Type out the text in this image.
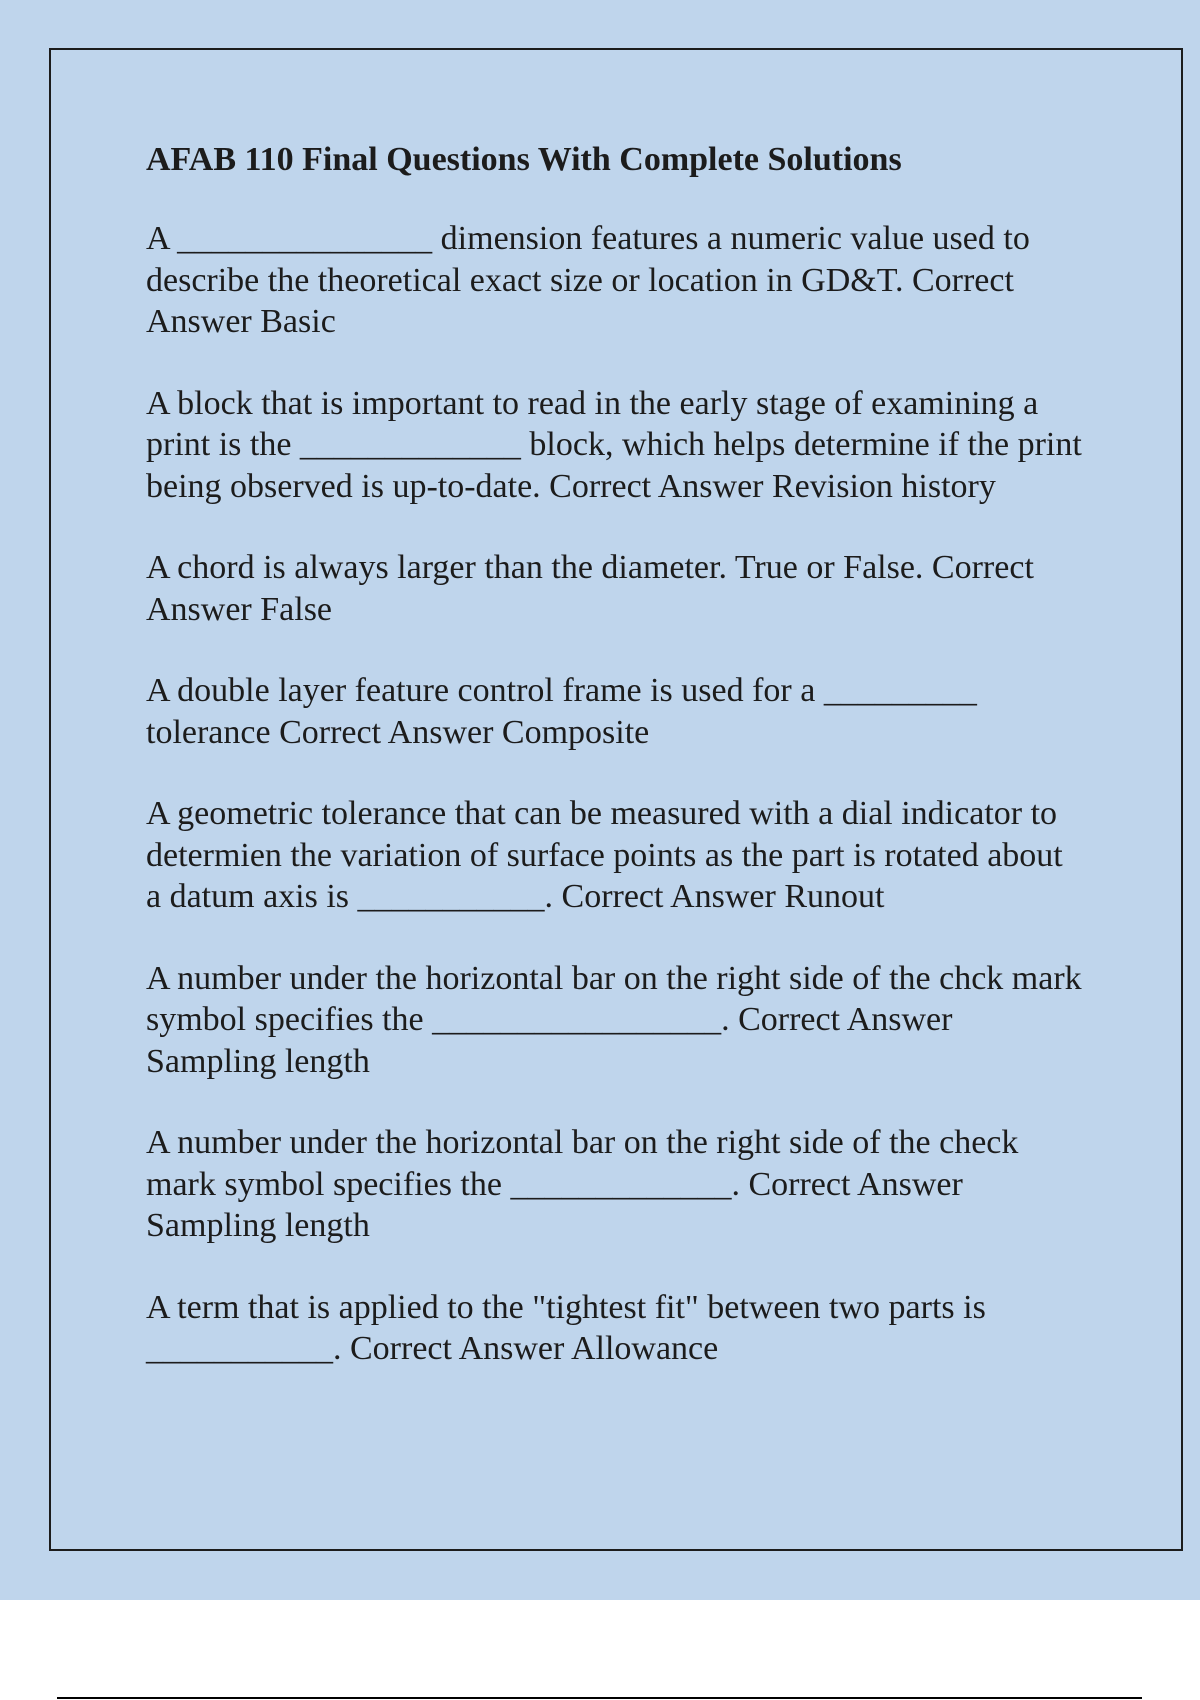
AFAB 110 Final Questions With Complete Solutions

A _______________ dimension features a numeric value used to describe the theoretical exact size or location in GD&T. Correct Answer Basic

A block that is important to read in the early stage of examining a print is the _____________ block, which helps determine if the print being observed is up-to-date. Correct Answer Revision history

A chord is always larger than the diameter. True or False. Correct Answer False

A double layer feature control frame is used for a _________ tolerance Correct Answer Composite

A geometric tolerance that can be measured with a dial indicator to determien the variation of surface points as the part is rotated about a datum axis is ___________. Correct Answer Runout

A number under the horizontal bar on the right side of the chck mark symbol specifies the _________________. Correct Answer Sampling length

A number under the horizontal bar on the right side of the check mark symbol specifies the _____________. Correct Answer Sampling length

A term that is applied to the "tightest fit" between two parts is ___________. Correct Answer Allowance
